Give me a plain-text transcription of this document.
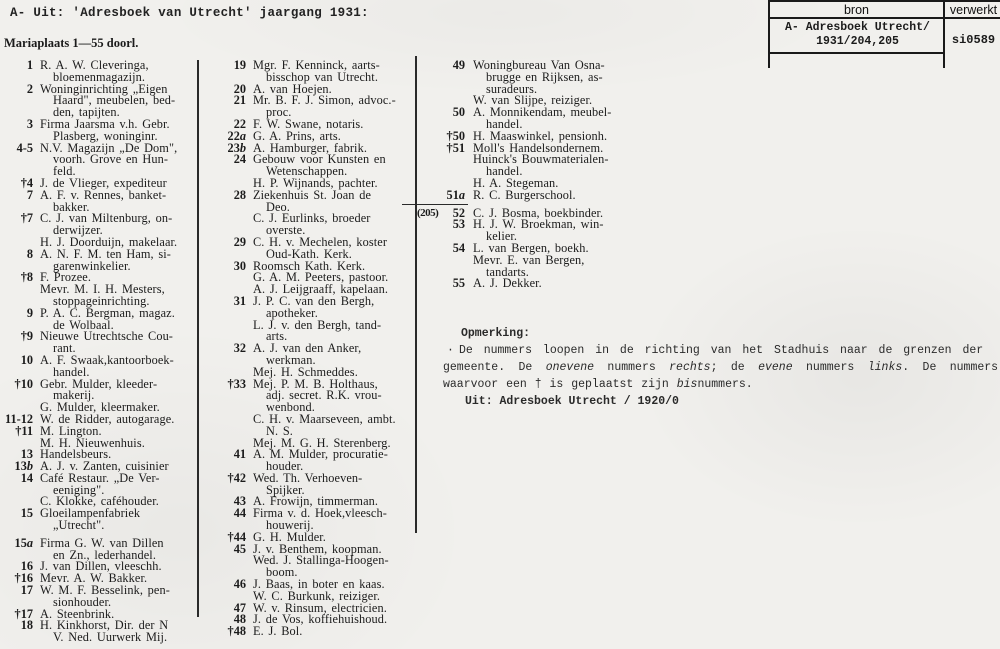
A- Uit: 'Adresboek van Utrecht' jaargang 1931:
Mariaplaats 1—55 doorl.
bron	verwerkt
A- Adresboek Utrecht/
1931/204,205	si0589
1 R. A. W. Cleveringa,
bloemenmagazijn.
2 Woninginrichting „Eigen
Haard", meubelen, bed-
den, tapijten.
3 Firma Jaarsma v.h. Gebr.
Plasberg, woninginr.
4-5 N.V. Magazijn „De Dom",
voorh. Grove en Hun-
feld.
†4 J. de Vlieger, expediteur
7 A. F. v. Rennes, banket-
bakker.
†7 C. J. van Miltenburg, on-
derwijzer.
H. J. Doorduijn, makelaar.
8 A. N. F. M. ten Ham, si-
garenwinkelier.
†8 F. Prozee.
Mevr. M. I. H. Mesters,
stoppageinrichting.
9 P. A. C. Bergman, magaz.
de Wolbaal.
†9 Nieuwe Utrechtsche Cou-
rant.
10 A. F. Swaak,kantoorboek-
handel.
†10 Gebr. Mulder, kleeder-
makerij.
G. Mulder, kleermaker.
11-12 W. de Ridder, autogarage.
†11 M. Lington.
M. H. Nieuwenhuis.
13 Handelsbeurs.
13b A. J. v. Zanten, cuisinier
14 Café Restaur. „De Ver-
eeniging".
C. Klokke, caféhouder.
15 Gloeilampenfabriek
„Utrecht".
15a Firma G. W. van Dillen
en Zn., lederhandel.
16 J. van Dillen, vleeschh.
†16 Mevr. A. W. Bakker.
17 W. M. F. Besselink, pen-
sionhouder.
†17 A. Steenbrink.
18 H. Kinkhorst, Dir. der N
V. Ned. Uurwerk Mij.
19 Mgr. F. Kenninck, aarts-
bisschop van Utrecht.
20 A. van Hoejen.
21 Mr. B. F. J. Simon, advoc.-
proc.
22 F. W. Swane, notaris.
22a G. A. Prins, arts.
23b A. Hamburger, fabrik.
24 Gebouw voor Kunsten en
Wetenschappen.
H. P. Wijnands, pachter.
28 Ziekenhuis St. Joan de
Deo.
C. J. Eurlinks, broeder
overste.
29 C. H. v. Mechelen, koster
Oud-Kath. Kerk.
30 Roomsch Kath. Kerk.
G. A. M. Peeters, pastoor.
A. J. Leijgraaff, kapelaan.
31 J. P. C. van den Bergh,
apotheker.
L. J. v. den Bergh, tand-
arts.
32 A. J. van den Anker,
werkman.
Mej. H. Schmeddes.
†33 Mej. P. M. B. Holthaus,
adj. secret. R.K. vrou-
wenbond.
C. H. v. Maarseveen, ambt.
N. S.
Mej. M. G. H. Sterenberg.
41 A. M. Mulder, procuratie-
houder.
†42 Wed. Th. Verhoeven-
Spijker.
43 A. Frowijn, timmerman.
44 Firma v. d. Hoek,vleesch-
houwerij.
†44 G. H. Mulder.
45 J. v. Benthem, koopman.
Wed. J. Stallinga-Hoogen-
boom.
46 J. Baas, in boter en kaas.
W. C. Burkunk, reiziger.
47 W. v. Rinsum, electricien.
48 J. de Vos, koffiehuishoud.
†48 E. J. Bol.
49 Woningbureau Van Osna-
brugge en Rijksen, as-
suradeurs.
W. van Slijpe, reiziger.
50 A. Monnikendam, meubel-
handel.
†50 H. Maaswinkel, pensionh.
†51 Moll's Handelsondernem.
Huinck's Bouwmaterialen-
handel.
H. A. Stegeman.
51a R. C. Burgerschool.
(205)	52 C. J. Bosma, boekbinder.
53 H. J. W. Broekman, win-
kelier.
54 L. van Bergen, boekh.
Mevr. E. van Bergen,
tandarts.
55 A. J. Dekker.
Opmerking:
· De nummers loopen in de richting van het Stadhuis naar de grenzen der
gemeente. De onevene nummers rechts; de evene nummers links. De nummers
waarvoor een † is geplaatst zijn bisnummers.
Uit: Adresboek Utrecht / 1920/0
